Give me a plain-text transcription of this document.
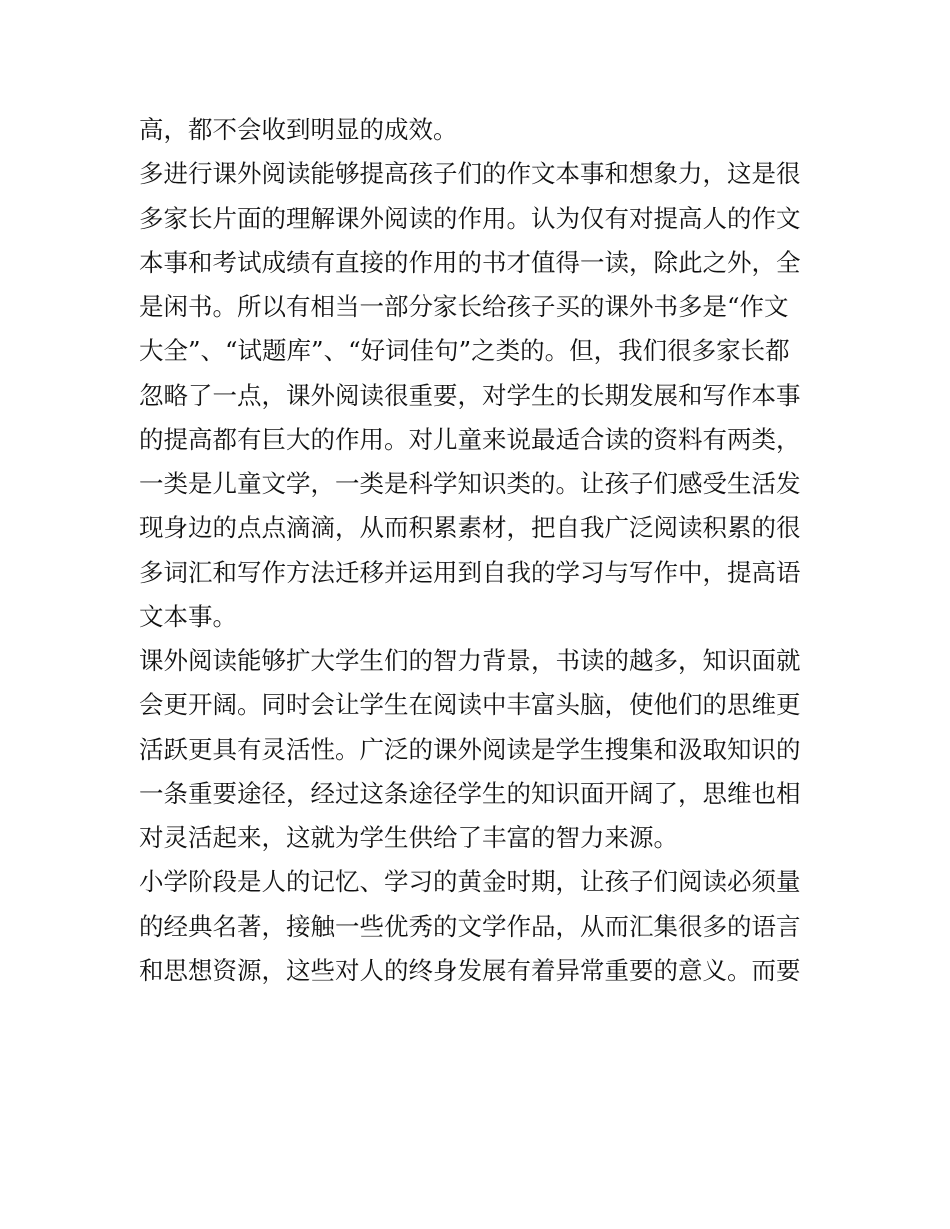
高，都不会收到明显的成效。
多进行课外阅读能够提高孩子们的作文本事和想象力，这是很
多家长片面的理解课外阅读的作用。认为仅有对提高人的作文
本事和考试成绩有直接的作用的书才值得一读，除此之外，全
是闲书。所以有相当一部分家长给孩子买的课外书多是“作文
大全”、“试题库”、“好词佳句”之类的。但，我们很多家长都
忽略了一点，课外阅读很重要，对学生的长期发展和写作本事
的提高都有巨大的作用。对儿童来说最适合读的资料有两类，
一类是儿童文学，一类是科学知识类的。让孩子们感受生活发
现身边的点点滴滴，从而积累素材，把自我广泛阅读积累的很
多词汇和写作方法迁移并运用到自我的学习与写作中，提高语
文本事。
课外阅读能够扩大学生们的智力背景，书读的越多，知识面就
会更开阔。同时会让学生在阅读中丰富头脑，使他们的思维更
活跃更具有灵活性。广泛的课外阅读是学生搜集和汲取知识的
一条重要途径，经过这条途径学生的知识面开阔了，思维也相
对灵活起来，这就为学生供给了丰富的智力来源。
小学阶段是人的记忆、学习的黄金时期，让孩子们阅读必须量
的经典名著，接触一些优秀的文学作品，从而汇集很多的语言
和思想资源，这些对人的终身发展有着异常重要的意义。而要
